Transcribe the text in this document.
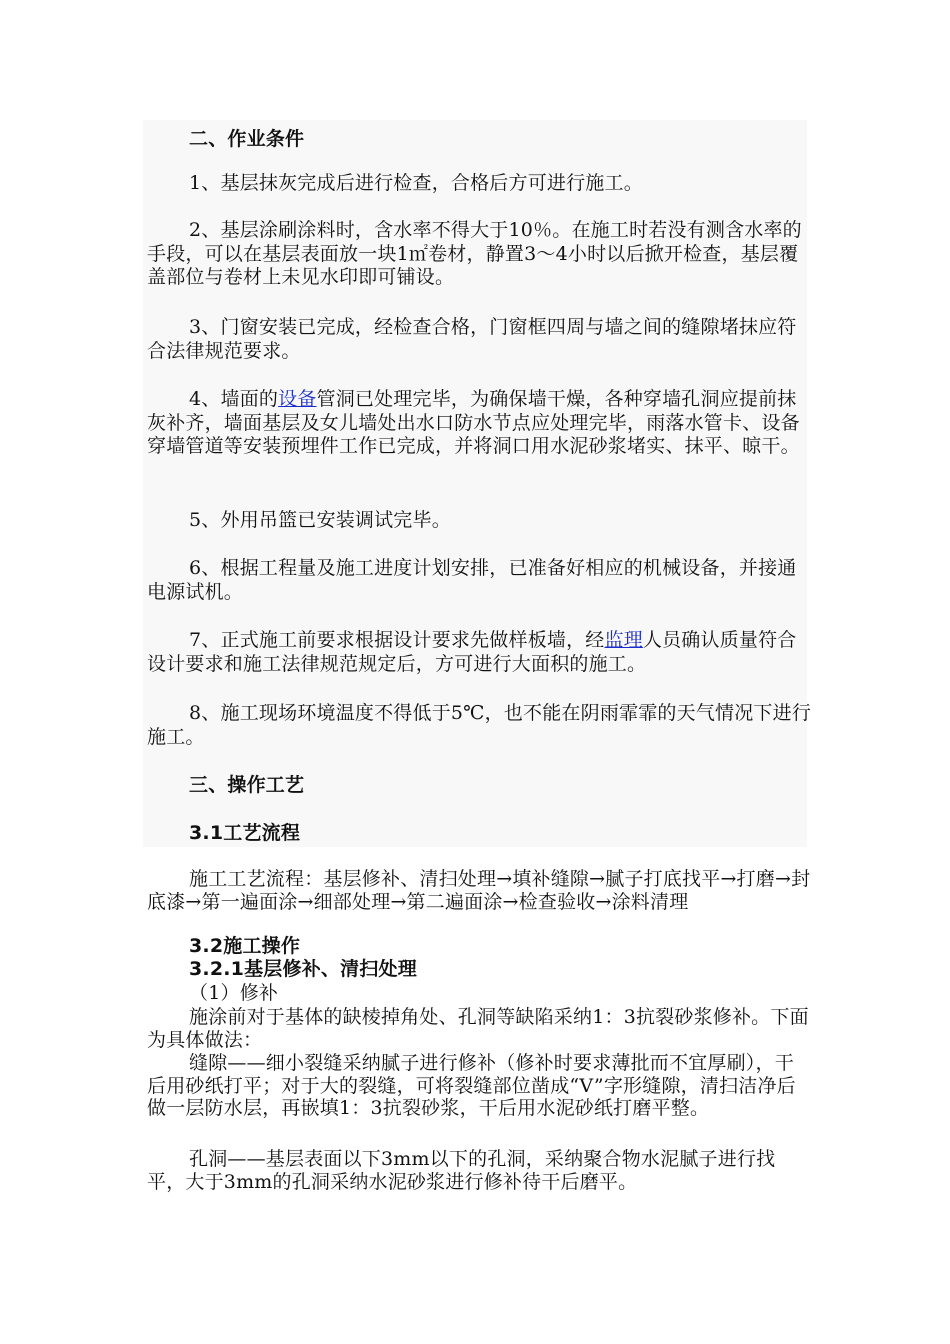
二、作业条件
1、基层抹灰完成后进行检查，合格后方可进行施工。
2、基层涂刷涂料时，含水率不得大于10％。在施工时若没有测含水率的手段，可以在基层表面放一块1㎡卷材，静置3～4小时以后掀开检查，基层覆盖部位与卷材上未见水印即可铺设。
3、门窗安装已完成，经检查合格，门窗框四周与墙之间的缝隙堵抹应符合法律规范要求。
4、墙面的设备管洞已处理完毕，为确保墙干燥，各种穿墙孔洞应提前抹灰补齐，墙面基层及女儿墙处出水口防水节点应处理完毕，雨落水管卡、设备穿墙管道等安装预埋件工作已完成，并将洞口用水泥砂浆堵实、抹平、晾干。
5、外用吊篮已安装调试完毕。
6、根据工程量及施工进度计划安排，已准备好相应的机械设备，并接通电源试机。
7、正式施工前要求根据设计要求先做样板墙，经监理人员确认质量符合设计要求和施工法律规范规定后，方可进行大面积的施工。
8、施工现场环境温度不得低于5℃，也不能在阴雨霏霏的天气情况下进行施工。
三、操作工艺
3.1工艺流程
施工工艺流程：基层修补、清扫处理→填补缝隙→腻子打底找平→打磨→封底漆→第一遍面涂→细部处理→第二遍面涂→检查验收→涂料清理
3.2施工操作
3.2.1基层修补、清扫处理
（1）修补
施涂前对于基体的缺棱掉角处、孔洞等缺陷采纳1：3抗裂砂浆修补。下面为具体做法：
缝隙——细小裂缝采纳腻子进行修补（修补时要求薄批而不宜厚刷），干后用砂纸打平；对于大的裂缝，可将裂缝部位凿成“V”字形缝隙，清扫洁净后做一层防水层，再嵌填1：3抗裂砂浆，干后用水泥砂纸打磨平整。
孔洞——基层表面以下3mm以下的孔洞，采纳聚合物水泥腻子进行找平，大于3mm的孔洞采纳水泥砂浆进行修补待干后磨平。
